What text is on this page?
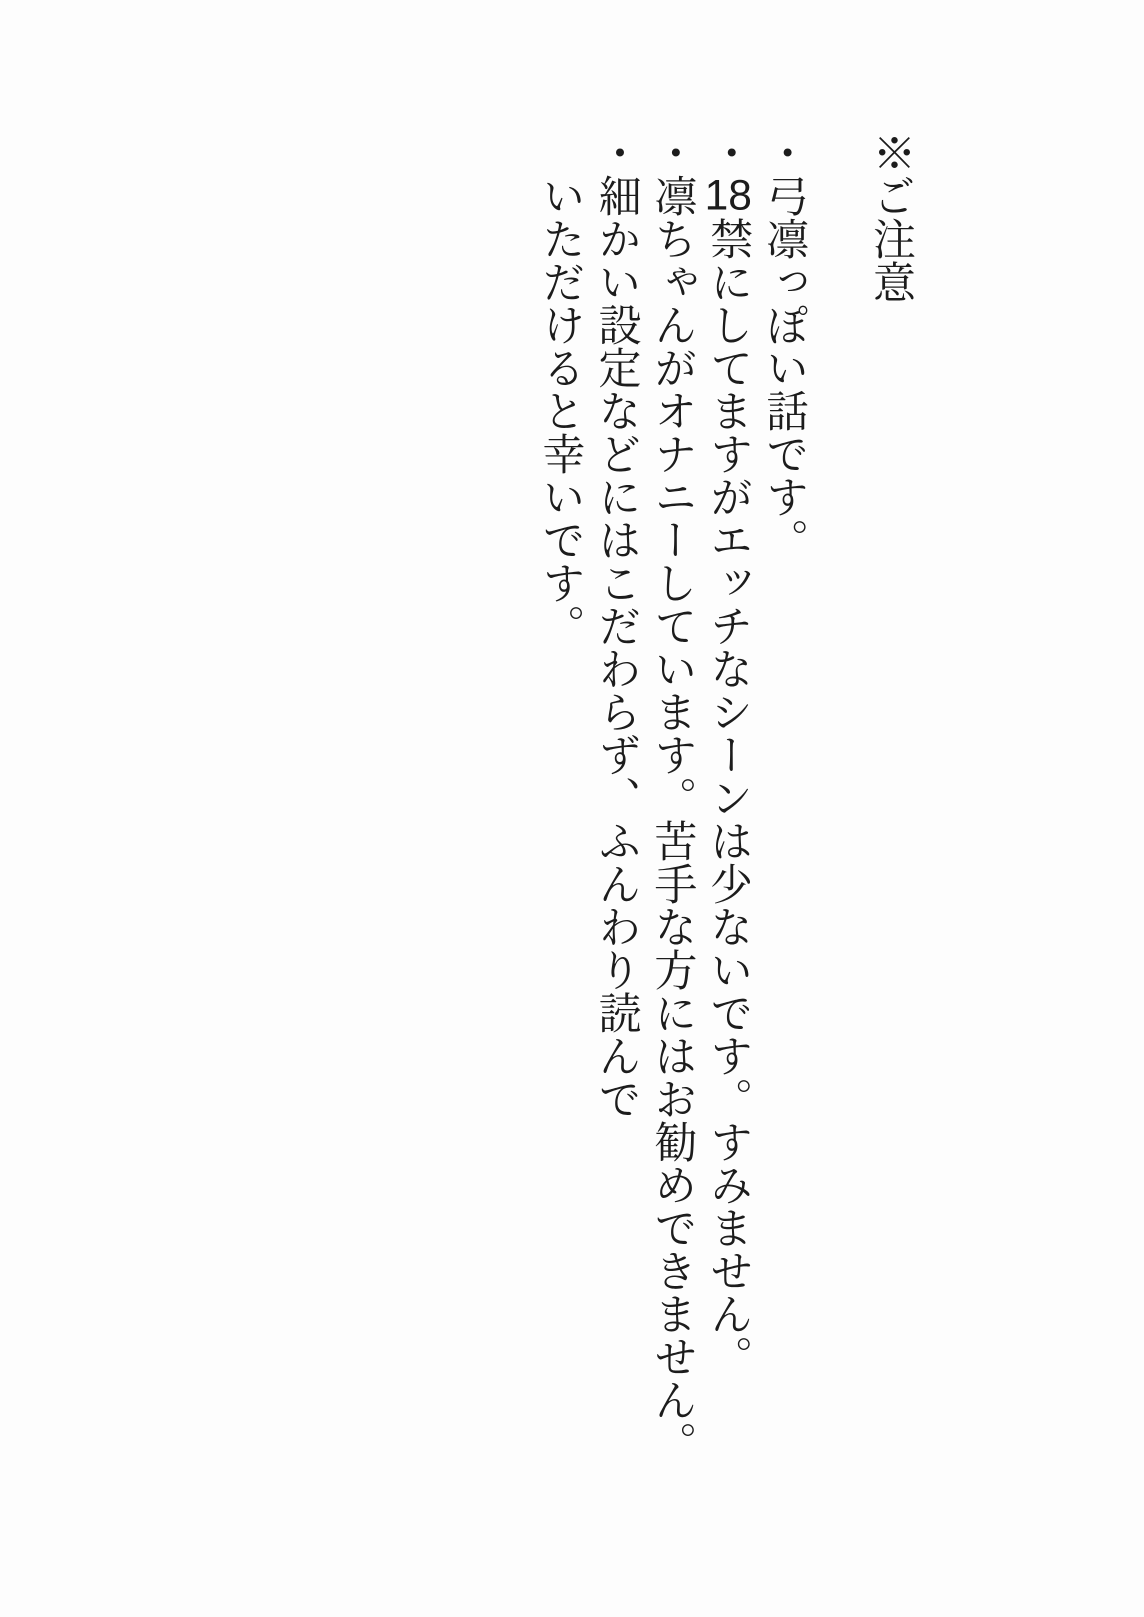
※ご注意

・弓凛っぽい話です。

・18禁にしてますがエッチなシーンは少ないです。すみません。

・凛ちゃんがオナニーしています。苦手な方にはお勧めできません。

・細かい設定などにはこだわらず、ふんわり読んで

いただけると幸いです。
